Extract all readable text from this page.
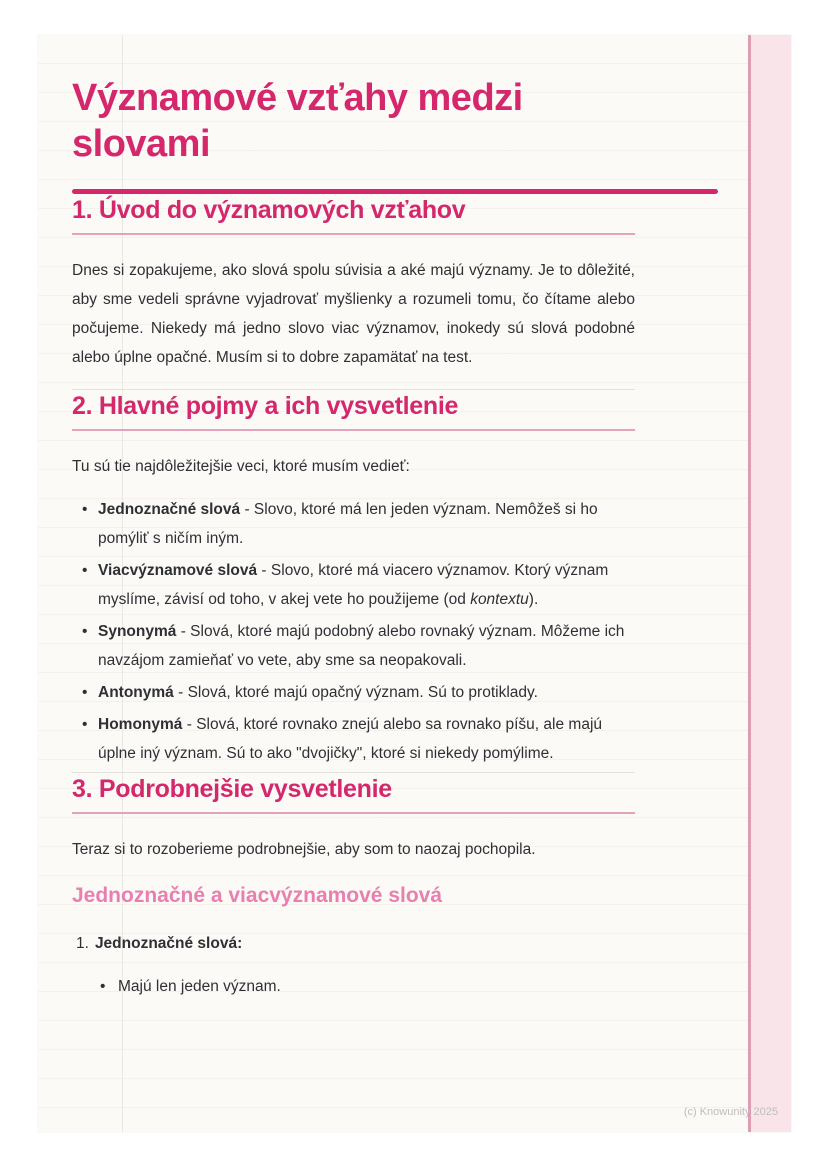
Významové vzťahy medzi slovami
1. Úvod do významových vzťahov

Dnes si zopakujeme, ako slová spolu súvisia a aké majú významy. Je to dôležité, aby sme vedeli správne vyjadrovať myšlienky a rozumeli tomu, čo čítame alebo počujeme. Niekedy má jedno slovo viac významov, inokedy sú slová podobné alebo úplne opačné. Musím si to dobre zapamätať na test.

2. Hlavné pojmy a ich vysvetlenie

Tu sú tie najdôležitejšie veci, ktoré musím vedieť:

• Jednoznačné slová - Slovo, ktoré má len jeden význam. Nemôžeš si ho pomýliť s ničím iným.
• Viacvýznamové slová - Slovo, ktoré má viacero významov. Ktorý význam myslíme, závisí od toho, v akej vete ho použijeme (od kontextu).
• Synonymá - Slová, ktoré majú podobný alebo rovnaký význam. Môžeme ich navzájom zamieňať vo vete, aby sme sa neopakovali.
• Antonymá - Slová, ktoré majú opačný význam. Sú to protiklady.
• Homonymá - Slová, ktoré rovnako znejú alebo sa rovnako píšu, ale majú úplne iný význam. Sú to ako "dvojičky", ktoré si niekedy pomýlime.
3. Podrobnejšie vysvetlenie

Teraz si to rozoberieme podrobnejšie, aby som to naozaj pochopila.

Jednoznačné a viacvýznamové slová
1. Jednoznačné slová:
• Majú len jeden význam.
(c) Knowunity 2025
